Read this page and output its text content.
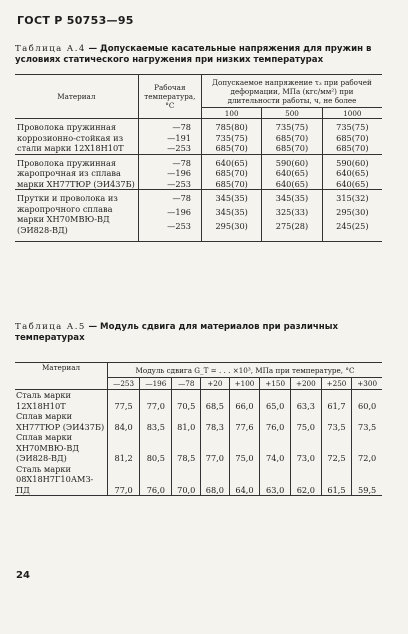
ГОСТ Р 50753—95
Таблица А.4 — Допускаемые касательные напряжения для пружин в условиях статического нагружения при низких температурах
Материал	Рабочая температура, °С	Допускаемое напряжение τ₃ при рабочей деформации, МПа (кгс/мм²) при длительности работы, ч, не более		
		100	500	1000

Проволока пружинная коррозионно-стойкая из стали марки 12Х18Н10Т	—78	785(80)	735(75)	735(75)
	—191	735(75)	685(70)	685(70)
	—253	685(70)	685(70)	685(70)

Проволока пружинная жаропрочная из сплава марки ХН77ТЮР (ЭИ437Б)	—78	640(65)	590(60)	590(60)
	—196	685(70)	640(65)	640(65)
	—253	685(70)	640(65)	640(65)

Прутки и проволока из жаропрочного сплава марки ХН70МВЮ-ВД (ЭИ828-ВД)	—78	345(35)	345(35)	315(32)
	—196	345(35)	325(33)	295(30)
	—253	295(30)	275(28)	245(25)

Таблица А.5 — Модуль сдвига для материалов при различных температурах
Материал	Модуль сдвига G_T = . . . ×10³, МПа при температуре, °С								
	—253	—196	—78	+20	+100	+150	+200	+250	+300
Сталь марки 12Х18Н10Т	77,5	77,0	70,5	68,5	66,0	65,0	63,3	61,7	60,0
Сплав марки ХН77ТЮР (ЭИ437Б)	84,0	83,5	81,0	78,3	77,6	76,0	75,0	73,5	73,5
Сплав марки ХН70МВЮ-ВД (ЭИ828-ВД)	81,2	80,5	78,5	77,0	75,0	74,0	73,0	72,5	72,0
Сталь марки 08Х18Н7Г10АМЗ-ПД	77,0	76,0	70,0	68,0	64,0	63,0	62,0	61,5	59,5
24
